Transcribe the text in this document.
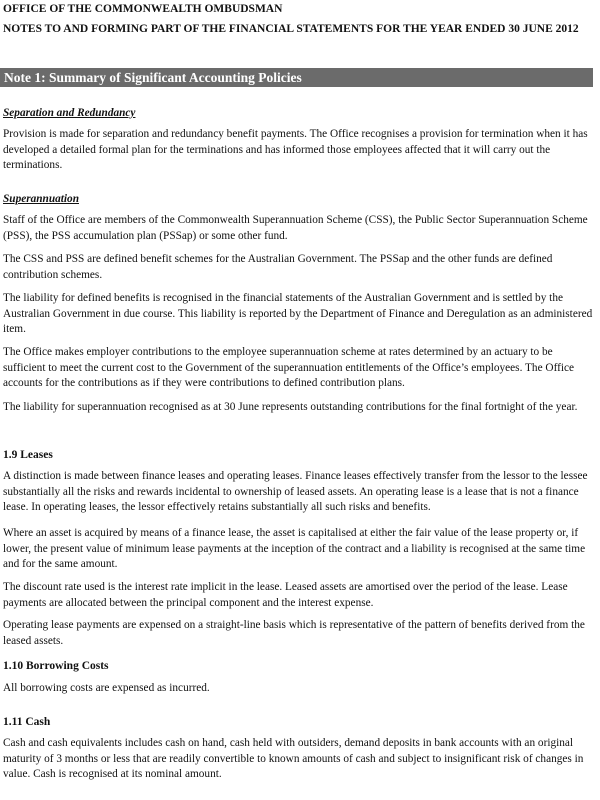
OFFICE OF THE COMMONWEALTH OMBUDSMAN

NOTES TO AND FORMING PART OF THE FINANCIAL STATEMENTS FOR THE YEAR ENDED 30 JUNE 2012

Note 1: Summary of Significant Accounting Policies

Separation and Redundancy

Provision is made for separation and redundancy benefit payments. The Office recognises a provision for termination when it has developed a detailed formal plan for the terminations and has informed those employees affected that it will carry out the terminations.

Superannuation

Staff of the Office are members of the Commonwealth Superannuation Scheme (CSS), the Public Sector Superannuation Scheme (PSS), the PSS accumulation plan (PSSap) or some other fund.

The CSS and PSS are defined benefit schemes for the Australian Government. The PSSap and the other funds are defined contribution schemes.

The liability for defined benefits is recognised in the financial statements of the Australian Government and is settled by the Australian Government in due course. This liability is reported by the Department of Finance and Deregulation as an administered item.

The Office makes employer contributions to the employee superannuation scheme at rates determined by an actuary to be sufficient to meet the current cost to the Government of the superannuation entitlements of the Office’s employees. The Office accounts for the contributions as if they were contributions to defined contribution plans.

The liability for superannuation recognised as at 30 June represents outstanding contributions for the final fortnight of the year.

1.9 Leases

A distinction is made between finance leases and operating leases. Finance leases effectively transfer from the lessor to the lessee substantially all the risks and rewards incidental to ownership of leased assets. An operating lease is a lease that is not a finance lease. In operating leases, the lessor effectively retains substantially all such risks and benefits.

Where an asset is acquired by means of a finance lease, the asset is capitalised at either the fair value of the lease property or, if lower, the present value of minimum lease payments at the inception of the contract and a liability is recognised at the same time and for the same amount.

The discount rate used is the interest rate implicit in the lease. Leased assets are amortised over the period of the lease. Lease payments are allocated between the principal component and the interest expense.

Operating lease payments are expensed on a straight-line basis which is representative of the pattern of benefits derived from the leased assets.

1.10 Borrowing Costs

All borrowing costs are expensed as incurred.

1.11 Cash

Cash and cash equivalents includes cash on hand, cash held with outsiders, demand deposits in bank accounts with an original maturity of 3 months or less that are readily convertible to known amounts of cash and subject to insignificant risk of changes in value. Cash is recognised at its nominal amount.
